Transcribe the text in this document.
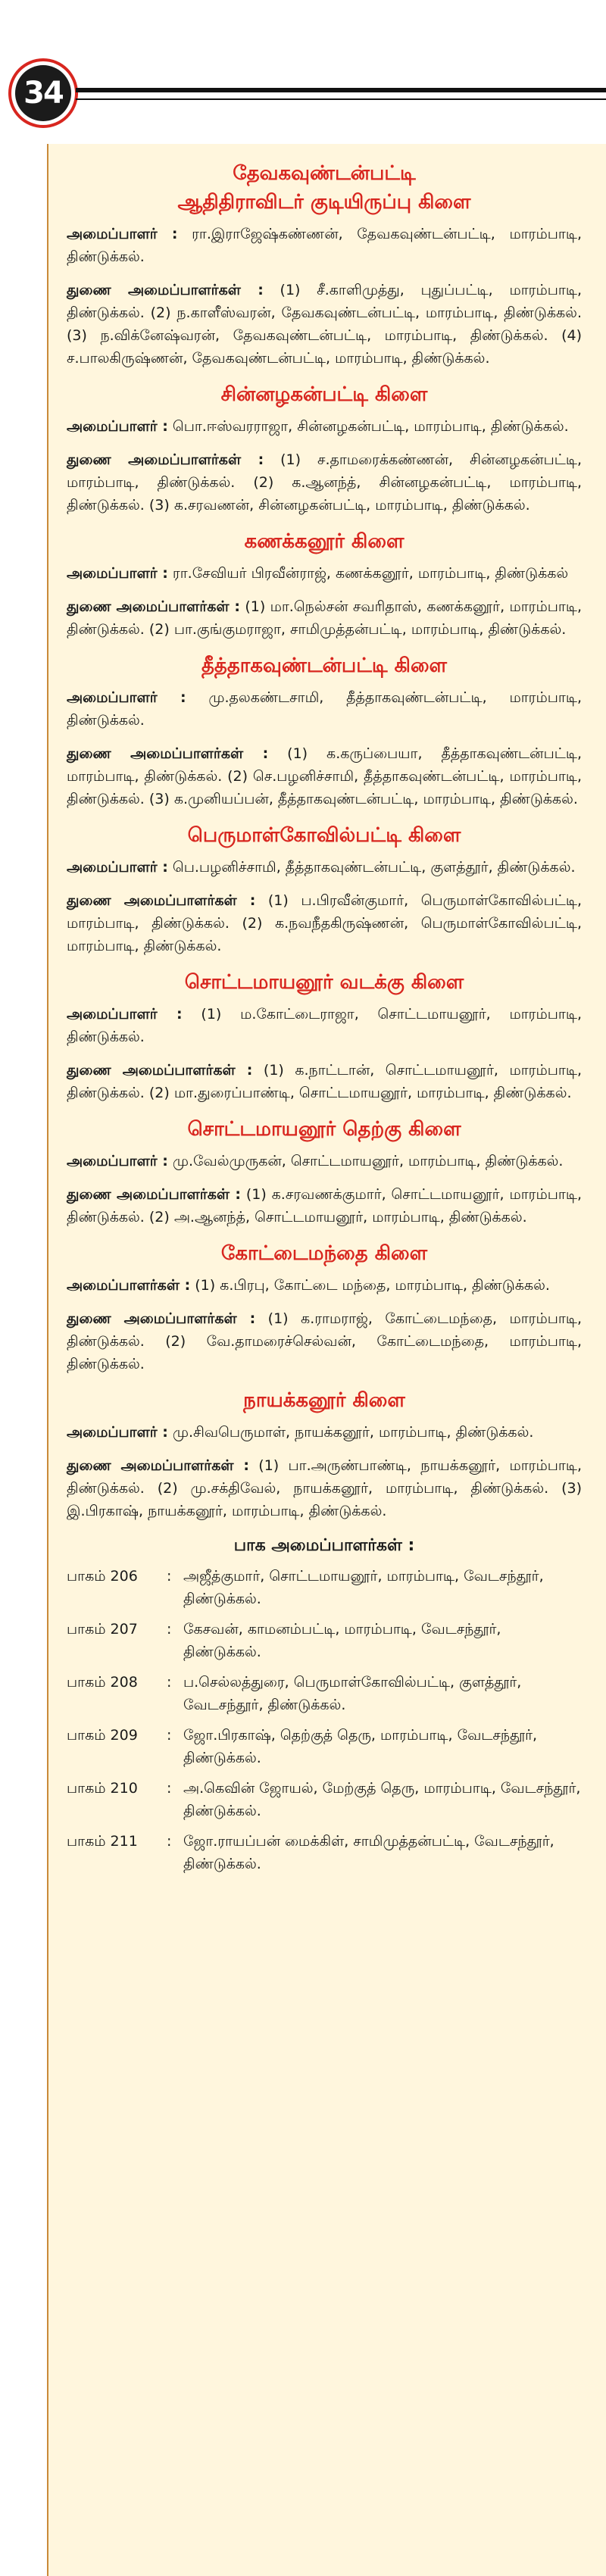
34
தேவகவுண்டன்பட்டி
ஆதிதிராவிடர் குடியிருப்பு கிளை

அமைப்பாளர் : ரா.இராஜேஷ்கண்ணன், தேவகவுண்டன்பட்டி, மாரம்பாடி, திண்டுக்கல்.

துணை அமைப்பாளர்கள் : (1) சீ.காளிமுத்து, புதுப்பட்டி, மாரம்பாடி, திண்டுக்கல். (2) ந.காளீஸ்வரன், தேவகவுண்டன்பட்டி, மாரம்பாடி, திண்டுக்கல். (3) ந.விக்னேஷ்வரன், தேவகவுண்டன்பட்டி, மாரம்பாடி, திண்டுக்கல். (4) ச.பாலகிருஷ்ணன், தேவகவுண்டன்பட்டி, மாரம்பாடி, திண்டுக்கல்.

சின்னழகன்பட்டி கிளை

அமைப்பாளர் : பொ.ஈஸ்வரராஜா, சின்னழகன்பட்டி, மாரம்பாடி, திண்டுக்கல்.

துணை அமைப்பாளர்கள் : (1) ச.தாமரைக்கண்ணன், சின்னழகன்பட்டி, மாரம்பாடி, திண்டுக்கல். (2) க.ஆனந்த், சின்னழகன்பட்டி, மாரம்பாடி, திண்டுக்கல். (3) க.சரவணன், சின்னழகன்பட்டி, மாரம்பாடி, திண்டுக்கல்.

கணக்கனூர் கிளை

அமைப்பாளர் : ரா.சேவியர் பிரவீன்ராஜ், கணக்கனூர், மாரம்பாடி, திண்டுக்கல்

துணை அமைப்பாளர்கள் : (1) மா.நெல்சன் சவரிதாஸ், கணக்கனூர், மாரம்பாடி, திண்டுக்கல். (2) பா.குங்குமராஜா, சாமிமுத்தன்பட்டி, மாரம்பாடி, திண்டுக்கல்.

தீத்தாகவுண்டன்பட்டி கிளை

அமைப்பாளர் : மு.தலகண்டசாமி, தீத்தாகவுண்டன்பட்டி, மாரம்பாடி, திண்டுக்கல்.

துணை அமைப்பாளர்கள் : (1) க.கருப்பையா, தீத்தாகவுண்டன்பட்டி, மாரம்பாடி, திண்டுக்கல். (2) செ.பழனிச்சாமி, தீத்தாகவுண்டன்பட்டி, மாரம்பாடி, திண்டுக்கல். (3) க.முனியப்பன், தீத்தாகவுண்டன்பட்டி, மாரம்பாடி, திண்டுக்கல்.

பெருமாள்கோவில்பட்டி கிளை

அமைப்பாளர் : பெ.பழனிச்சாமி, தீத்தாகவுண்டன்பட்டி, குளத்தூர், திண்டுக்கல்.

துணை அமைப்பாளர்கள் : (1) ப.பிரவீன்குமார், பெருமாள்கோவில்பட்டி, மாரம்பாடி, திண்டுக்கல். (2) க.நவநீதகிருஷ்ணன், பெருமாள்கோவில்பட்டி, மாரம்பாடி, திண்டுக்கல்.

சொட்டமாயனூர் வடக்கு கிளை

அமைப்பாளர் : (1) ம.கோட்டைராஜா, சொட்டமாயனூர், மாரம்பாடி, திண்டுக்கல்.

துணை அமைப்பாளர்கள் : (1) க.நாட்டான், சொட்டமாயனூர், மாரம்பாடி, திண்டுக்கல். (2) மா.துரைப்பாண்டி, சொட்டமாயனூர், மாரம்பாடி, திண்டுக்கல்.

சொட்டமாயனூர் தெற்கு கிளை

அமைப்பாளர் : மு.வேல்முருகன், சொட்டமாயனூர், மாரம்பாடி, திண்டுக்கல்.

துணை அமைப்பாளர்கள் : (1) க.சரவணக்குமார், சொட்டமாயனூர், மாரம்பாடி, திண்டுக்கல். (2) அ.ஆனந்த், சொட்டமாயனூர், மாரம்பாடி, திண்டுக்கல்.

கோட்டைமந்தை கிளை

அமைப்பாளர்கள் : (1) க.பிரபு, கோட்டை மந்தை, மாரம்பாடி, திண்டுக்கல்.

துணை அமைப்பாளர்கள் : (1) க.ராமராஜ், கோட்டைமந்தை, மாரம்பாடி, திண்டுக்கல். (2) வே.தாமரைச்செல்வன், கோட்டைமந்தை, மாரம்பாடி, திண்டுக்கல்.

நாயக்கனூர் கிளை

அமைப்பாளர் : மு.சிவபெருமாள், நாயக்கனூர், மாரம்பாடி, திண்டுக்கல்.

துணை அமைப்பாளர்கள் : (1) பா.அருண்பாண்டி, நாயக்கனூர், மாரம்பாடி, திண்டுக்கல். (2) மு.சக்திவேல், நாயக்கனூர், மாரம்பாடி, திண்டுக்கல். (3) இ.பிரகாஷ், நாயக்கனூர், மாரம்பாடி, திண்டுக்கல்.

பாக அமைப்பாளர்கள் :
பாகம் 206	: அஜீத்குமார், சொட்டமாயனூர், மாரம்பாடி, வேடசந்தூர், திண்டுக்கல்.
பாகம் 207	: கேசவன், காமனம்பட்டி, மாரம்பாடி, வேடசந்தூர், திண்டுக்கல்.
பாகம் 208	: ப.செல்லத்துரை, பெருமாள்கோவில்பட்டி, குளத்தூர், வேடசந்தூர், திண்டுக்கல்.
பாகம் 209	: ஜோ.பிரகாஷ், தெற்குத் தெரு, மாரம்பாடி, வேடசந்தூர், திண்டுக்கல்.
பாகம் 210	: அ.கெவின் ஜோயல், மேற்குத் தெரு, மாரம்பாடி, வேடசந்தூர், திண்டுக்கல்.
பாகம் 211	: ஜோ.ராயப்பன் மைக்கிள், சாமிமுத்தன்பட்டி, வேடசந்தூர், திண்டுக்கல்.
